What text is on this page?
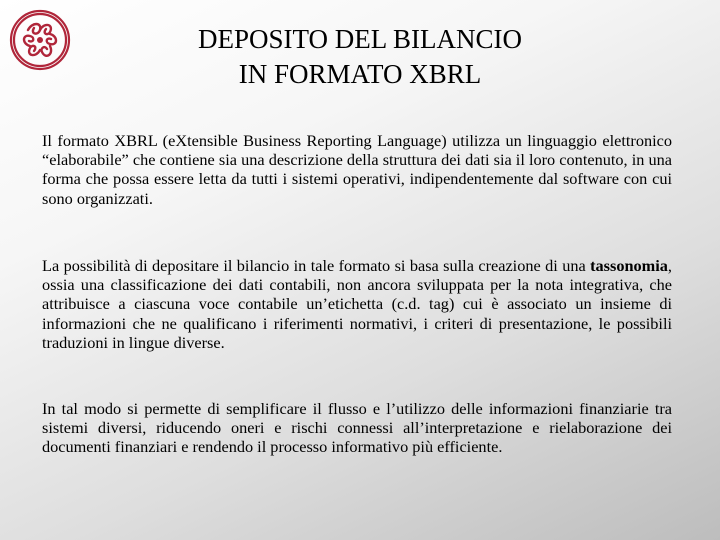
DEPOSITO DEL BILANCIO
IN FORMATO XBRL

Il formato XBRL (eXtensible Business Reporting Language) utilizza un linguaggio elettronico “elaborabile” che contiene sia una descrizione della struttura dei dati sia il loro contenuto, in una forma che possa essere letta da tutti i sistemi operativi, indipendentemente dal software con cui sono organizzati.

La possibilità di depositare il bilancio in tale formato si basa sulla creazione di una tassonomia, ossia una classificazione dei dati contabili, non ancora sviluppata per la nota integrativa, che attribuisce a ciascuna voce contabile un’etichetta (c.d. tag) cui è associato un insieme di informazioni che ne qualificano i riferimenti normativi, i criteri di presentazione, le possibili traduzioni in lingue diverse.

In tal modo si permette di semplificare il flusso e l’utilizzo delle informazioni finanziarie tra sistemi diversi, riducendo oneri e rischi connessi all’interpretazione e rielaborazione dei documenti finanziari e rendendo il processo informativo più efficiente.
